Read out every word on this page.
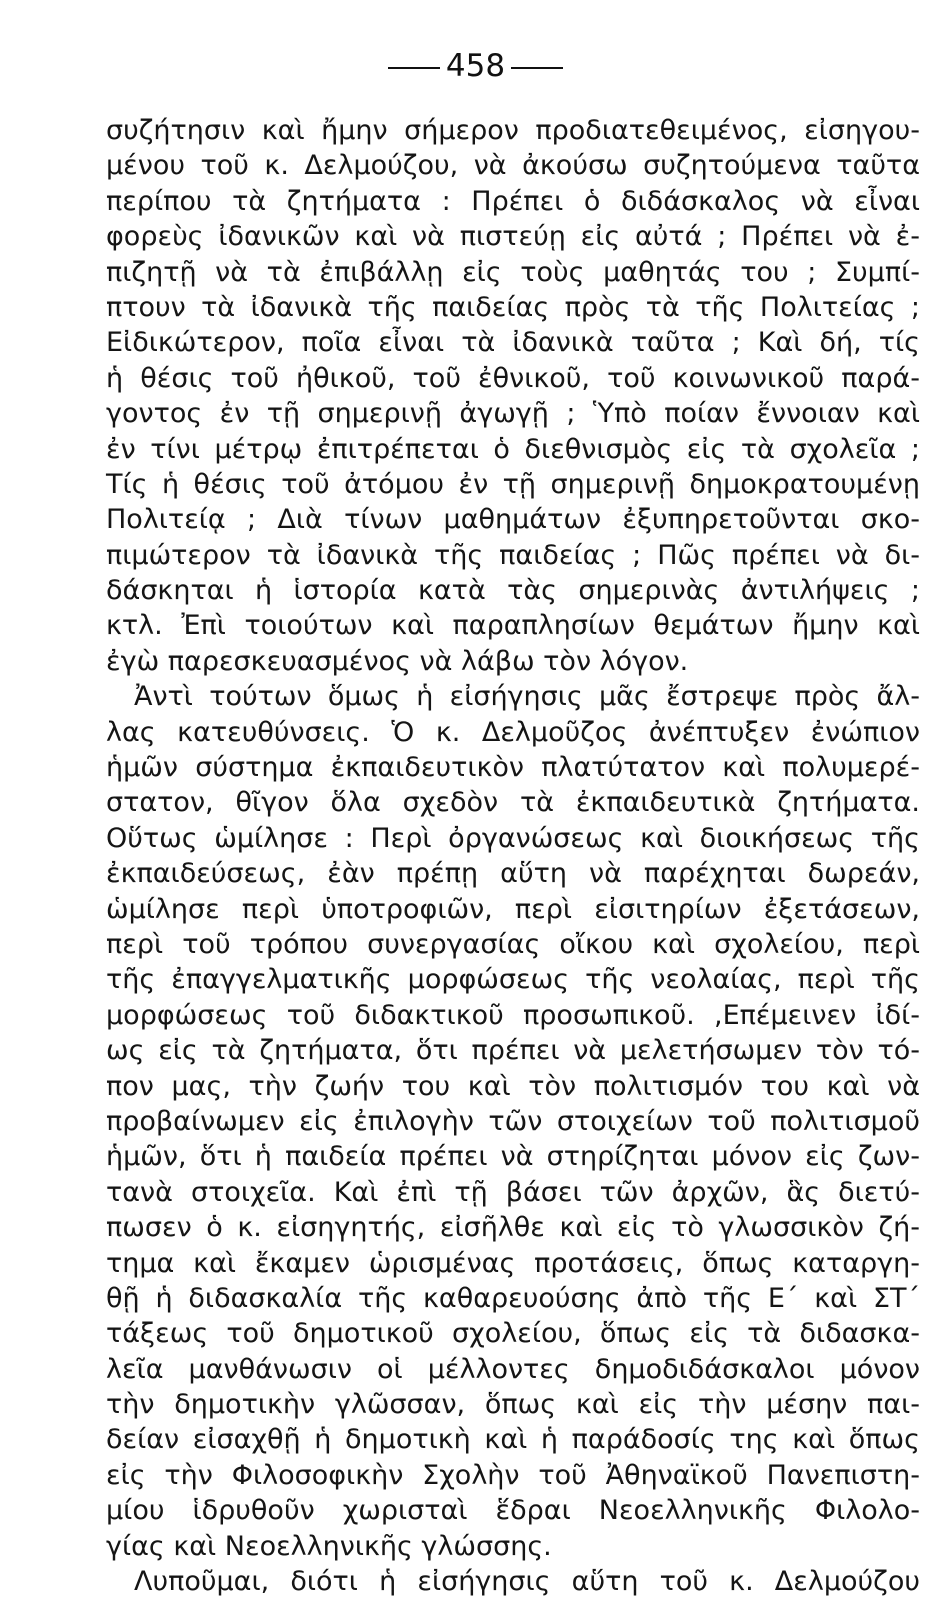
458
συζήτησιν καὶ ἤμην σήμερον προδιατεθειμένος, εἰσηγου-
μένου τοῦ κ. Δελμούζου, νὰ ἀκούσω συζητούμενα ταῦτα
περίπου τὰ ζητήματα : Πρέπει ὁ διδάσκαλος νὰ εἶναι
φορεὺς ἰδανικῶν καὶ νὰ πιστεύῃ εἰς αὐτά ; Πρέπει νὰ ἐ-
πιζητῇ νὰ τὰ ἐπιβάλλῃ εἰς τοὺς μαθητάς του ; Συμπί-
πτουν τὰ ἰδανικὰ τῆς παιδείας πρὸς τὰ τῆς Πολιτείας ;
Εἰδικώτερον, ποῖα εἶναι τὰ ἰδανικὰ ταῦτα ; Καὶ δή, τίς
ἡ θέσις τοῦ ἠθικοῦ, τοῦ ἐθνικοῦ, τοῦ κοινωνικοῦ παρά-
γοντος ἐν τῇ σημερινῇ ἀγωγῇ ; Ὑπὸ ποίαν ἔννοιαν καὶ
ἐν τίνι μέτρῳ ἐπιτρέπεται ὁ διεθνισμὸς εἰς τὰ σχολεῖα ;
Τίς ἡ θέσις τοῦ ἀτόμου ἐν τῇ σημερινῇ δημοκρατουμένῃ
Πολιτείᾳ ; Διὰ τίνων μαθημάτων ἐξυπηρετοῦνται σκο-
πιμώτερον τὰ ἰδανικὰ τῆς παιδείας ; Πῶς πρέπει νὰ δι-
δάσκηται ἡ ἱστορία κατὰ τὰς σημερινὰς ἀντιλήψεις ;
κτλ. Ἐπὶ τοιούτων καὶ παραπλησίων θεμάτων ἤμην καὶ
ἐγὼ παρεσκευασμένος νὰ λάβω τὸν λόγον.
Ἀντὶ τούτων ὅμως ἡ εἰσήγησις μᾶς ἔστρεψε πρὸς ἄλ-
λας κατευθύνσεις. Ὁ κ. Δελμοῦζος ἀνέπτυξεν ἐνώπιον
ἡμῶν σύστημα ἐκπαιδευτικὸν πλατύτατον καὶ πολυμερέ-
στατον, θῖγον ὅλα σχεδὸν τὰ ἐκπαιδευτικὰ ζητήματα.
Οὕτως ὡμίλησε : Περὶ ὀργανώσεως καὶ διοικήσεως τῆς
ἐκπαιδεύσεως, ἐὰν πρέπῃ αὕτη νὰ παρέχηται δωρεάν,
ὡμίλησε περὶ ὑποτροφιῶν, περὶ εἰσιτηρίων ἐξετάσεων,
περὶ τοῦ τρόπου συνεργασίας οἴκου καὶ σχολείου, περὶ
τῆς ἐπαγγελματικῆς μορφώσεως τῆς νεολαίας, περὶ τῆς
μορφώσεως τοῦ διδακτικοῦ προσωπικοῦ. ,Επέμεινεν ἰδί-
ως εἰς τὰ ζητήματα, ὅτι πρέπει νὰ μελετήσωμεν τὸν τό-
πον μας, τὴν ζωήν του καὶ τὸν πολιτισμόν του καὶ νὰ
προβαίνωμεν εἰς ἐπιλογὴν τῶν στοιχείων τοῦ πολιτισμοῦ
ἡμῶν, ὅτι ἡ παιδεία πρέπει νὰ στηρίζηται μόνον εἰς ζων-
τανὰ στοιχεῖα. Καὶ ἐπὶ τῇ βάσει τῶν ἀρχῶν, ἃς διετύ-
πωσεν ὁ κ. εἰσηγητής, εἰσῆλθε καὶ εἰς τὸ γλωσσικὸν ζή-
τημα καὶ ἔκαμεν ὡρισμένας προτάσεις, ὅπως καταργη-
θῇ ἡ διδασκαλία τῆς καθαρευούσης ἀπὸ τῆς Ε΄ καὶ ΣΤ΄
τάξεως τοῦ δημοτικοῦ σχολείου, ὅπως εἰς τὰ διδασκα-
λεῖα μανθάνωσιν οἱ μέλλοντες δημοδιδάσκαλοι μόνον
τὴν δημοτικὴν γλῶσσαν, ὅπως καὶ εἰς τὴν μέσην παι-
δείαν εἰσαχθῇ ἡ δημοτικὴ καὶ ἡ παράδοσίς της καὶ ὅπως
εἰς τὴν Φιλοσοφικὴν Σχολὴν τοῦ Ἀθηναϊκοῦ Πανεπιστη-
μίου ἱδρυθοῦν χωρισταὶ ἕδραι Νεοελληνικῆς Φιλολο-
γίας καὶ Νεοελληνικῆς γλώσσης.
Λυποῦμαι, διότι ἡ εἰσήγησις αὕτη τοῦ κ. Δελμούζου
